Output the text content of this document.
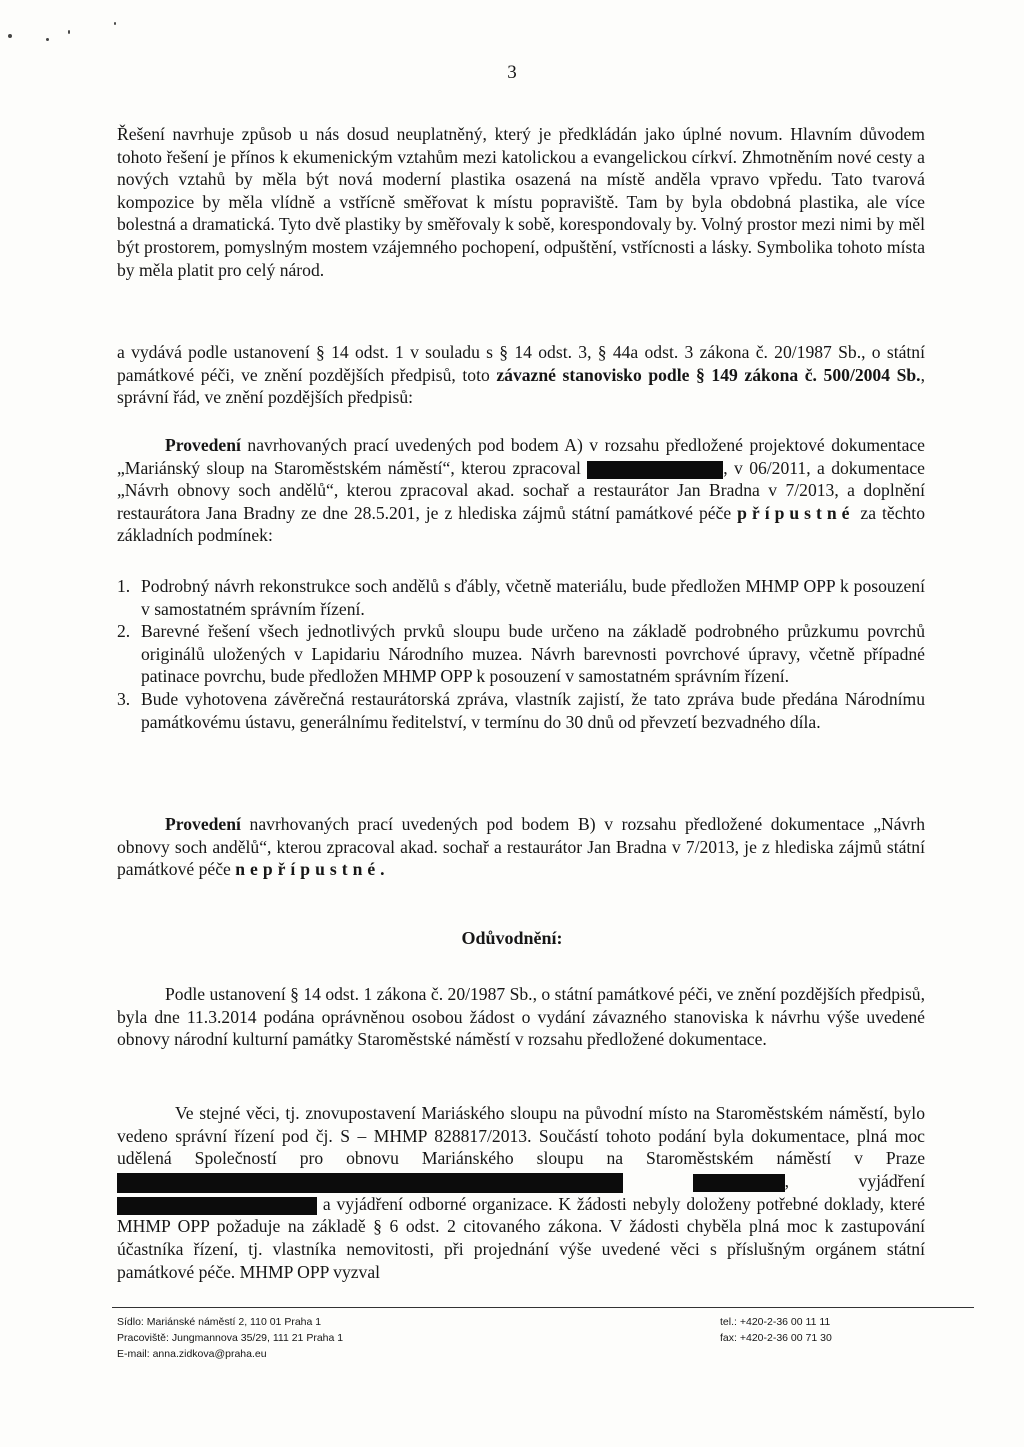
3

Řešení navrhuje způsob u nás dosud neuplatněný, který je předkládán jako úplné novum. Hlavním důvodem tohoto řešení je přínos k ekumenickým vztahům mezi katolickou a evangelickou církví. Zhmotněním nové cesty a nových vztahů by měla být nová moderní plastika osazená na místě anděla vpravo vpředu. Tato tvarová kompozice by měla vlídně a vstřícně směřovat k místu popraviště. Tam by byla obdobná plastika, ale více bolestná a dramatická. Tyto dvě plastiky by směřovaly k sobě, korespondovaly by. Volný prostor mezi nimi by měl být prostorem, pomyslným mostem vzájemného pochopení, odpuštění, vstřícnosti a lásky. Symbolika tohoto místa by měla platit pro celý národ.

a vydává podle ustanovení § 14 odst. 1 v souladu s § 14 odst. 3, § 44a odst. 3 zákona č. 20/1987 Sb., o státní památkové péči, ve znění pozdějších předpisů, toto závazné stanovisko podle § 149 zákona č. 500/2004 Sb., správní řád, ve znění pozdějších předpisů:

Provedení navrhovaných prací uvedených pod bodem A) v rozsahu předložené projektové dokumentace „Mariánský sloup na Staroměstském náměstí“, kterou zpracoval	, v 06/2011, a dokumentace „Návrh obnovy soch andělů“, kterou zpracoval akad. sochař a restaurátor Jan Bradna v 7/2013, a doplnění restaurátora Jana Bradny ze dne 28.5.201, je z hlediska zájmů státní památkové péče přípustné za těchto základních podmínek:

1. Podrobný návrh rekonstrukce soch andělů s ďábly, včetně materiálu, bude předložen MHMP OPP k posouzení v samostatném správním řízení.
2. Barevné řešení všech jednotlivých prvků sloupu bude určeno na základě podrobného průzkumu povrchů originálů uložených v Lapidariu Národního muzea. Návrh barevnosti povrchové úpravy, včetně případné patinace povrchu, bude předložen MHMP OPP k posouzení v samostatném správním řízení.
3. Bude vyhotovena závěrečná restaurátorská zpráva, vlastník zajistí, že tato zpráva bude předána Národnímu památkovému ústavu, generálnímu ředitelství, v termínu do 30 dnů od převzetí bezvadného díla.

Provedení navrhovaných prací uvedených pod bodem B) v rozsahu předložené dokumentace „Návrh obnovy soch andělů“, kterou zpracoval akad. sochař a restaurátor Jan Bradna v 7/2013, je z hlediska zájmů státní památkové péče nepřípustné.

Odůvodnění:

Podle ustanovení § 14 odst. 1 zákona č. 20/1987 Sb., o státní památkové péči, ve znění pozdějších předpisů, byla dne 11.3.2014 podána oprávněnou osobou žádost o vydání závazného stanoviska k návrhu výše uvedené obnovy národní kulturní památky Staroměstské náměstí v rozsahu předložené dokumentace.

Ve stejné věci, tj. znovupostavení Mariáského sloupu na původní místo na Staroměstském náměstí, bylo vedeno správní řízení pod čj. S – MHMP 828817/2013. Součástí tohoto podání byla dokumentace, plná moc udělená Společností pro obnovu Mariánského sloupu na Staroměstském náměstí v Praze  , vyjádření  a vyjádření odborné organizace. K žádosti nebyly doloženy potřebné doklady, které MHMP OPP požaduje na základě § 6 odst. 2 citovaného zákona. V žádosti chyběla plná moc k zastupování účastníka řízení, tj. vlastníka nemovitosti, při projednání výše uvedené věci s příslušným orgánem státní památkové péče. MHMP OPP vyzval

Sídlo: Mariánské náměstí 2, 110 01 Praha 1
Pracoviště: Jungmannova 35/29, 111 21 Praha 1
E-mail: anna.zidkova@praha.eu
tel.: +420-2-36 00 11 11
fax: +420-2-36 00 71 30
